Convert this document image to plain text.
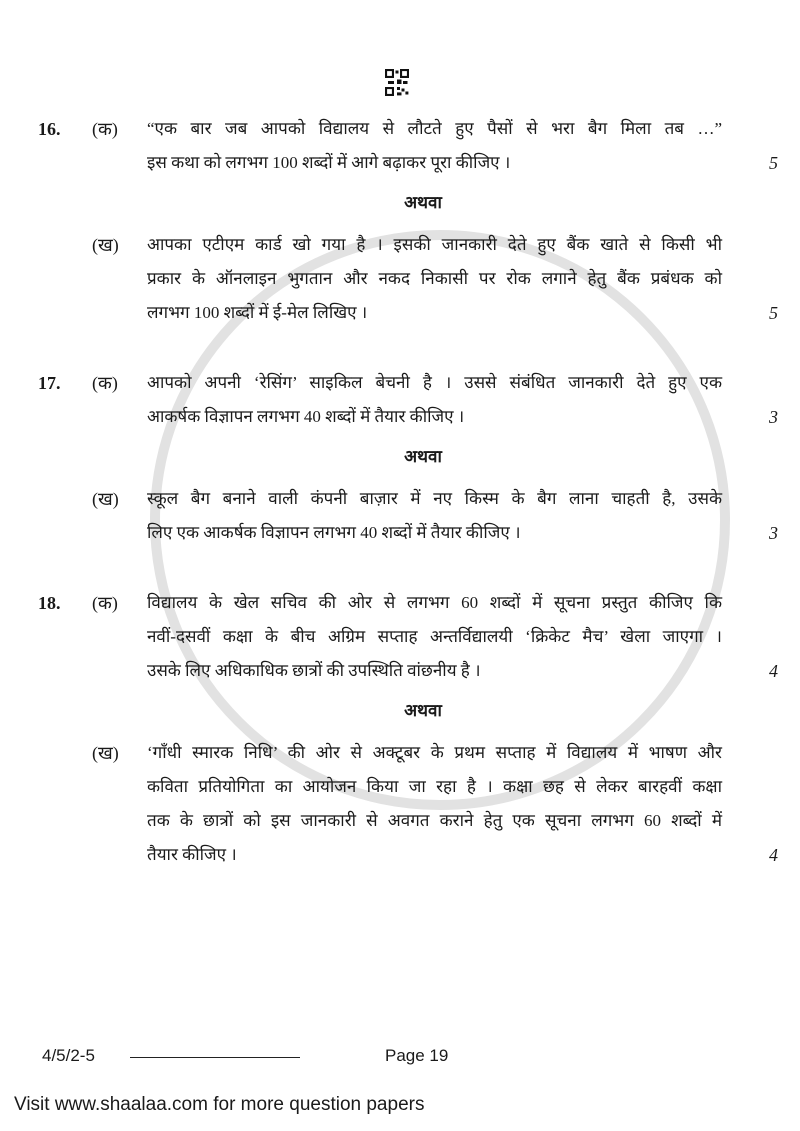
16.	(क)	“एक बार जब आपको विद्यालय से लौटते हुए पैसों से भरा बैग मिला तब …”
इस कथा को लगभग 100 शब्दों में आगे बढ़ाकर पूरा कीजिए ।	5
अथवा
(ख)	आपका एटीएम कार्ड खो गया है । इसकी जानकारी देते हुए बैंक खाते से किसी भी
प्रकार के ऑनलाइन भुगतान और नकद निकासी पर रोक लगाने हेतु बैंक प्रबंधक को
लगभग 100 शब्दों में ई-मेल लिखिए ।	5
17.	(क)	आपको अपनी ‘रेसिंग’ साइकिल बेचनी है । उससे संबंधित जानकारी देते हुए एक
आकर्षक विज्ञापन लगभग 40 शब्दों में तैयार कीजिए ।	3
अथवा
(ख)	स्कूल बैग बनाने वाली कंपनी बाज़ार में नए किस्म के बैग लाना चाहती है, उसके
लिए एक आकर्षक विज्ञापन लगभग 40 शब्दों में तैयार कीजिए ।	3
18.	(क)	विद्यालय के खेल सचिव की ओर से लगभग 60 शब्दों में सूचना प्रस्तुत कीजिए कि
नवीं-दसवीं कक्षा के बीच अग्रिम सप्ताह अन्तर्विद्यालयी ‘क्रिकेट मैच’ खेला जाएगा ।
उसके लिए अधिकाधिक छात्रों की उपस्थिति वांछनीय है ।	4
अथवा
(ख)	‘गाँधी स्मारक निधि’ की ओर से अक्टूबर के प्रथम सप्ताह में विद्यालय में भाषण और
कविता प्रतियोगिता का आयोजन किया जा रहा है । कक्षा छह से लेकर बारहवीं कक्षा
तक के छात्रों को इस जानकारी से अवगत कराने हेतु एक सूचना लगभग 60 शब्दों में
तैयार कीजिए ।	4
4/5/2-5	Page 19
Visit www.shaalaa.com for more question papers
